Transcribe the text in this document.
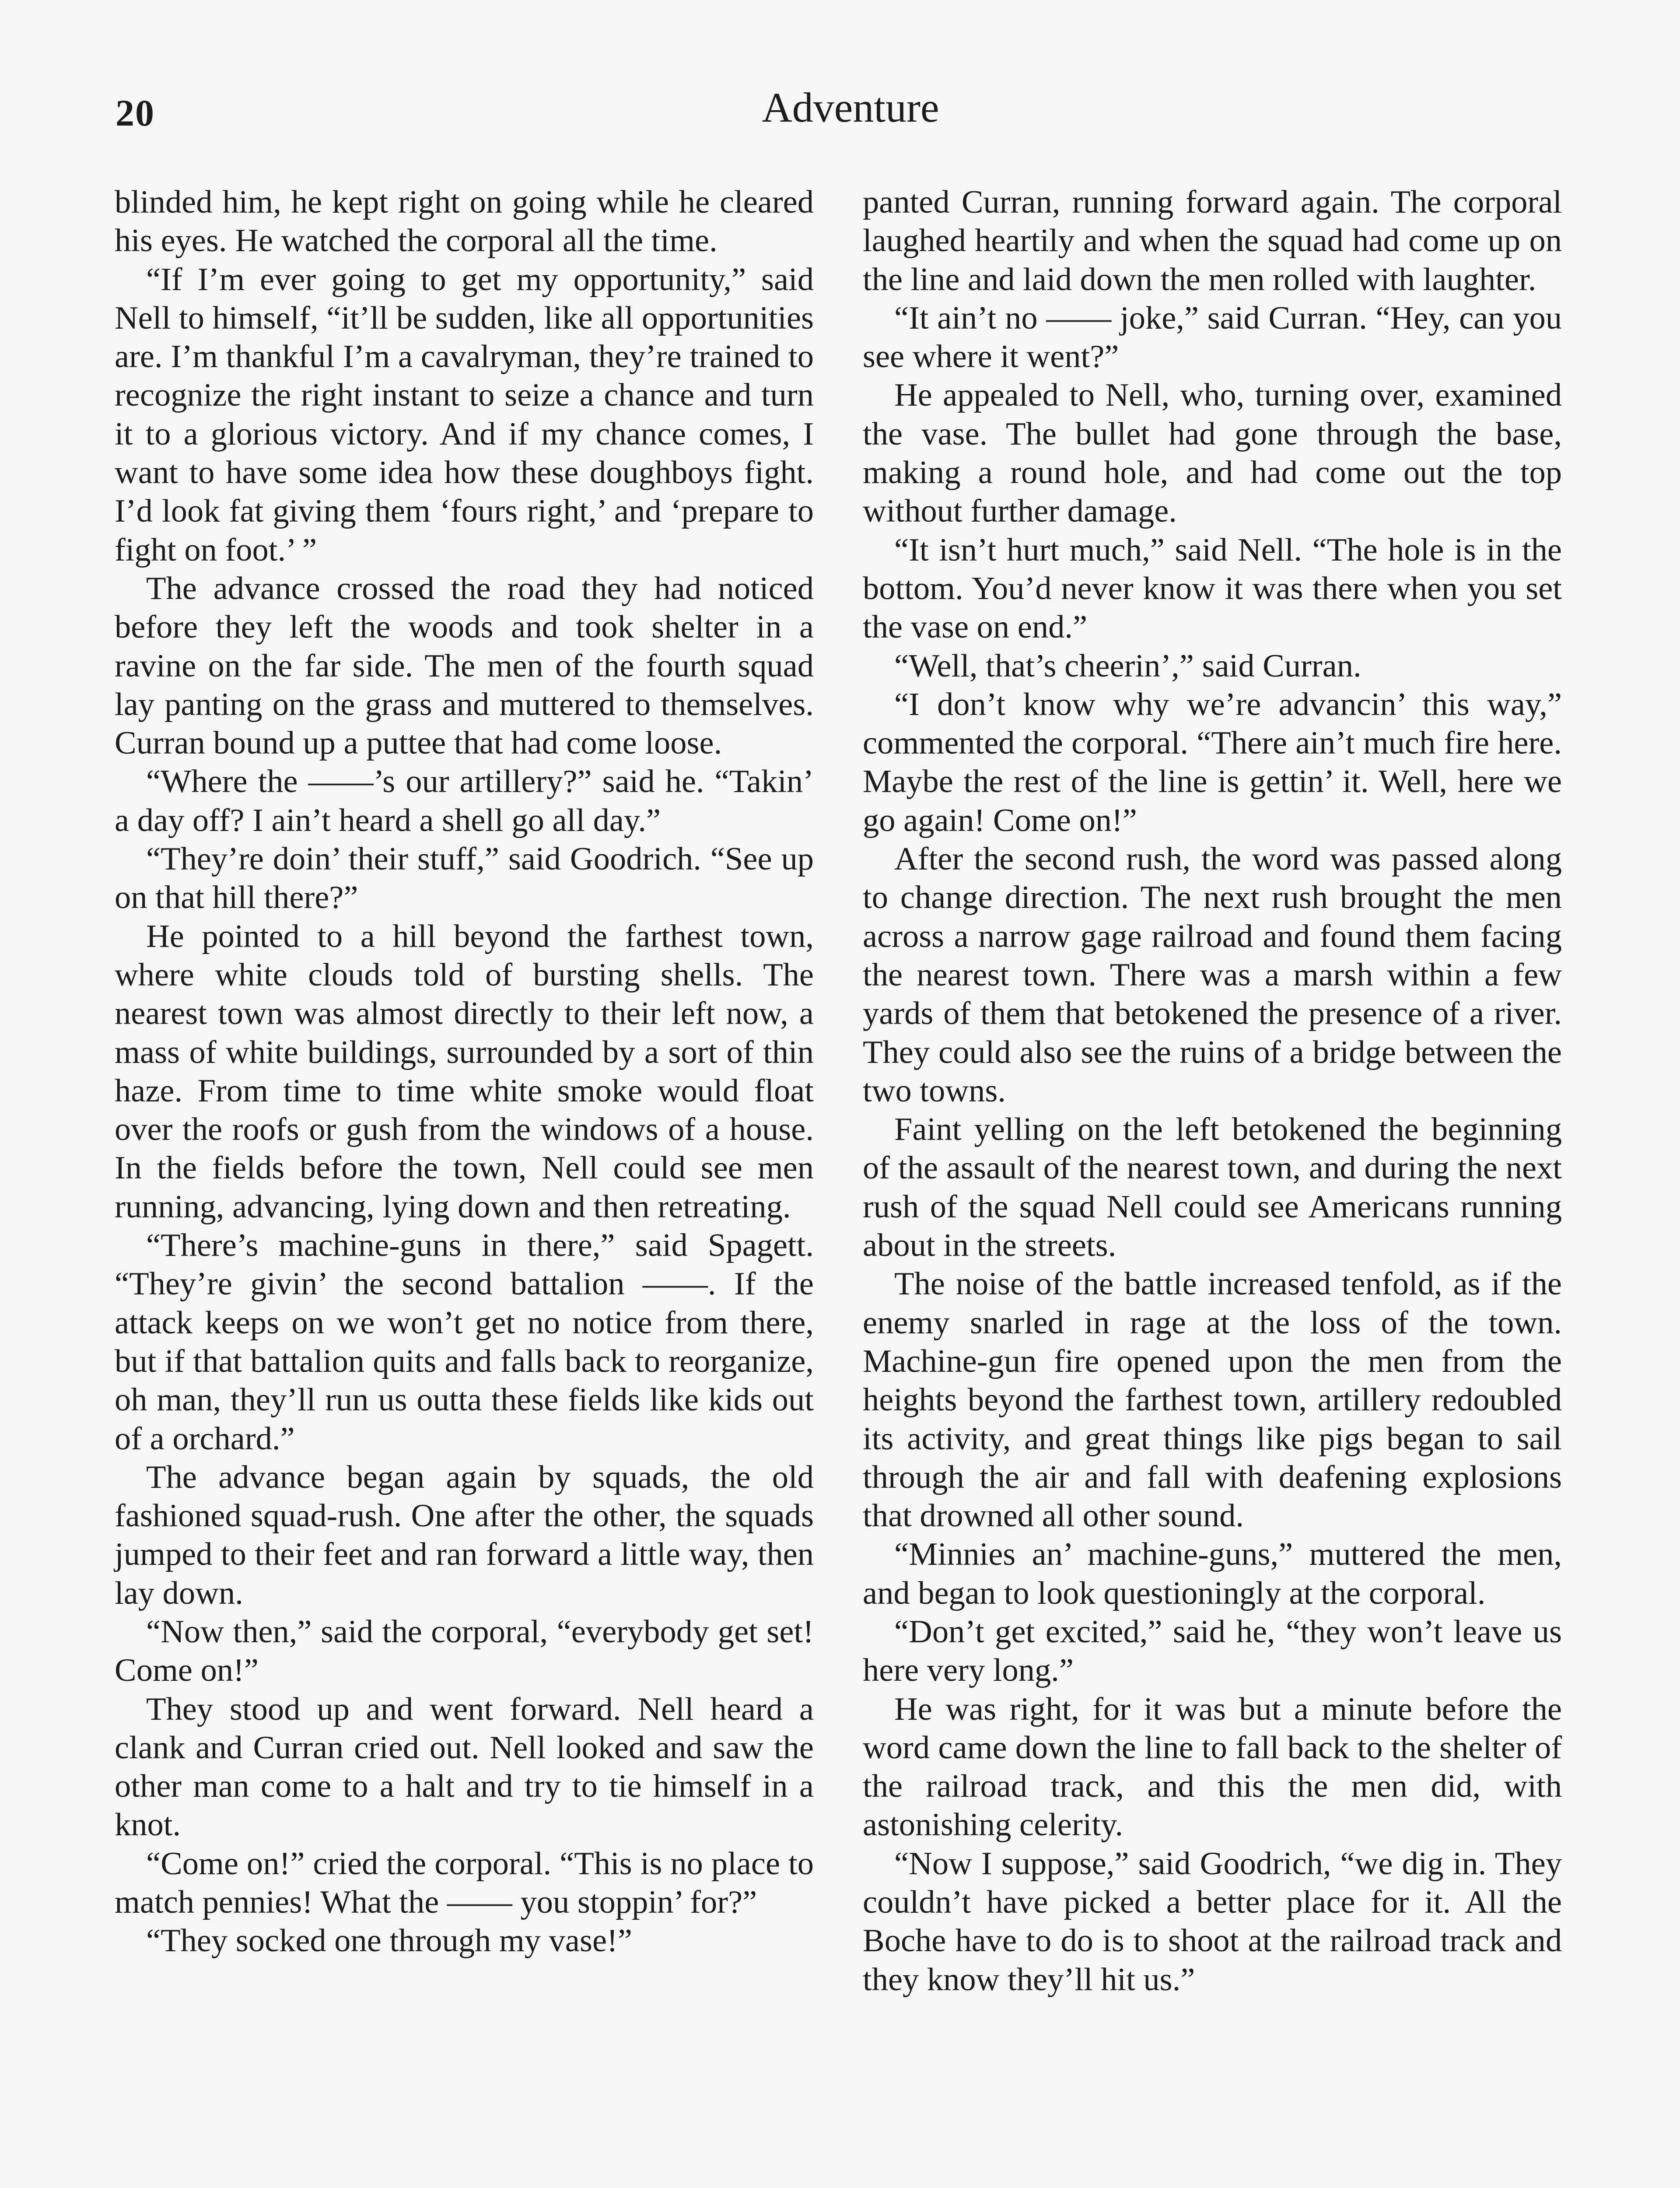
20	Adventure

blinded him, he kept right on going while he cleared his eyes. He watched the corporal all the time.

“If I’m ever going to get my opportunity,” said Nell to himself, “it’ll be sudden, like all opportunities are. I’m thankful I’m a cavalryman, they’re trained to recognize the right instant to seize a chance and turn it to a glorious victory. And if my chance comes, I want to have some idea how these doughboys fight. I’d look fat giving them ‘fours right,’ and ‘prepare to fight on foot.’ ”

The advance crossed the road they had noticed before they left the woods and took shelter in a ravine on the far side. The men of the fourth squad lay panting on the grass and muttered to themselves. Curran bound up a puttee that had come loose.

“Where the ——’s our artillery?” said he. “Takin’ a day off? I ain’t heard a shell go all day.”

“They’re doin’ their stuff,” said Goodrich. “See up on that hill there?”

He pointed to a hill beyond the farthest town, where white clouds told of bursting shells. The nearest town was almost directly to their left now, a mass of white buildings, surrounded by a sort of thin haze. From time to time white smoke would float over the roofs or gush from the windows of a house. In the fields before the town, Nell could see men running, advancing, lying down and then retreating.

“There’s machine-guns in there,” said Spagett. “They’re givin’ the second battalion ——. If the attack keeps on we won’t get no notice from there, but if that battalion quits and falls back to reorganize, oh man, they’ll run us outta these fields like kids out of a orchard.”

The advance began again by squads, the old fashioned squad-rush. One after the other, the squads jumped to their feet and ran forward a little way, then lay down.

“Now then,” said the corporal, “everybody get set! Come on!”

They stood up and went forward. Nell heard a clank and Curran cried out. Nell looked and saw the other man come to a halt and try to tie himself in a knot.

“Come on!” cried the corporal. “This is no place to match pennies! What the —— you stoppin’ for?”

“They socked one through my vase!”

panted Curran, running forward again. The corporal laughed heartily and when the squad had come up on the line and laid down the men rolled with laughter.

“It ain’t no —— joke,” said Curran. “Hey, can you see where it went?”

He appealed to Nell, who, turning over, examined the vase. The bullet had gone through the base, making a round hole, and had come out the top without further damage.

“It isn’t hurt much,” said Nell. “The hole is in the bottom. You’d never know it was there when you set the vase on end.”

“Well, that’s cheerin’,” said Curran.

“I don’t know why we’re advancin’ this way,” commented the corporal. “There ain’t much fire here. Maybe the rest of the line is gettin’ it. Well, here we go again! Come on!”

After the second rush, the word was passed along to change direction. The next rush brought the men across a narrow gage railroad and found them facing the nearest town. There was a marsh within a few yards of them that betokened the presence of a river. They could also see the ruins of a bridge between the two towns.

Faint yelling on the left betokened the beginning of the assault of the nearest town, and during the next rush of the squad Nell could see Americans running about in the streets.

The noise of the battle increased tenfold, as if the enemy snarled in rage at the loss of the town. Machine-gun fire opened upon the men from the heights beyond the farthest town, artillery redoubled its activity, and great things like pigs began to sail through the air and fall with deafening explosions that drowned all other sound.

“Minnies an’ machine-guns,” muttered the men, and began to look questioningly at the corporal.

“Don’t get excited,” said he, “they won’t leave us here very long.”

He was right, for it was but a minute before the word came down the line to fall back to the shelter of the railroad track, and this the men did, with astonishing celerity.

“Now I suppose,” said Goodrich, “we dig in. They couldn’t have picked a better place for it. All the Boche have to do is to shoot at the railroad track and they know they’ll hit us.”
